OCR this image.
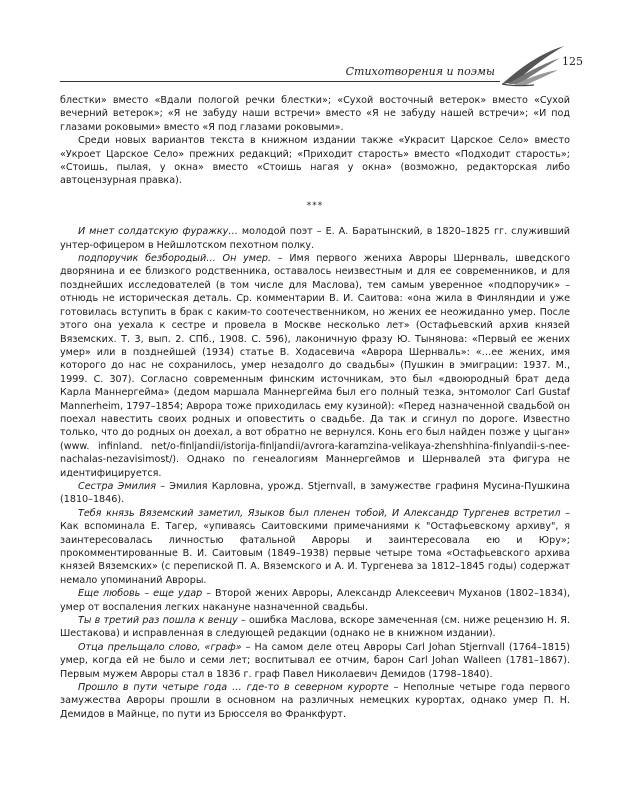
Стихотворения и поэмы
125

блестки» вместо «Вдали пологой речки блестки»; «Сухой восточный ветерок» вместо «Сухой вечерний ветерок»; «Я не забуду наши встречи» вместо «Я не забуду нашей встречи»; «И под глазами роковыми» вместо «Я под глазами роковыми».

Среди новых вариантов текста в книжном издании также «Украсит Царское Село» вместо «Укроет Царское Село» прежних редакций; «Приходит старость» вместо «Подходит старость»; «Стоишь, пылая, у окна» вместо «Стоишь нагая у окна» (возможно, редакторская либо автоцензурная правка).

***

И мнет солдатскую фуражку… молодой поэт – Е. А. Баратынский, в 1820–1825 гг. служивший унтер-офицером в Нейшлотском пехотном полку.

подпоручик безбородый… Он умер. – Имя первого жениха Авроры Шернваль, шведского дворянина и ее близкого родственника, оставалось неизвестным и для ее современников, и для позднейших исследователей (в том числе для Маслова), тем самым уверенное «подпоручик» – отнюдь не историческая деталь. Ср. комментарии В. И. Саитова: «она жила в Финляндии и уже готовилась вступить в брак с каким-то соотечественником, но жених ее неожиданно умер. После этого она уехала к сестре и провела в Москве несколько лет» (Остафьевский архив князей Вяземских. Т. 3, вып. 2. СПб., 1908. С. 596), лаконичную фразу Ю. Тынянова: «Первый ее жених умер» или в позднейшей (1934) статье В. Ходасевича «Аврора Шернваль»: «…ее жених, имя которого до нас не сохранилось, умер незадолго до свадьбы» (Пушкин в эмиграции: 1937. М., 1999. С. 307). Согласно современным финским источникам, это был «двоюродный брат деда Карла Маннергейма» (дедом маршала Маннергейма был его полный тезка, энтомолог Carl Gustaf Mannerheim, 1797–1854; Аврора тоже приходилась ему кузиной): «Перед назначенной свадьбой он поехал навестить своих родных и оповестить о свадьбе. Да так и сгинул по дороге. Известно только, что до родных он доехал, а вот обратно не вернулся. Конь его был найден позже у цыган» (www. infinland. net/o-finljandii/istorija-finljandii/avrora-karamzina-velikaya-zhenshhina-finlyandii-s-nee-nachalas-nezavisimost/). Однако по генеалогиям Маннергеймов и Шернвалей эта фигура не идентифицируется.

Сестра Эмилия – Эмилия Карловна, урожд. Stjernvall, в замужестве графиня Мусина-Пушкина (1810–1846).

Тебя князь Вяземский заметил, Языков был пленен тобой, И Александр Тургенев встретил – Как вспоминала Е. Тагер, «упиваясь Саитовскими примечаниями к "Остафьевскому архиву", я заинтересовалась личностью фатальной Авроры и заинтересовала ею и Юру»; прокомментированные В. И. Саитовым (1849–1938) первые четыре тома «Остафьевского архива князей Вяземских» (с перепиской П. А. Вяземского и А. И. Тургенева за 1812–1845 годы) содержат немало упоминаний Авроры.

Еще любовь – еще удар – Второй жених Авроры, Александр Алексеевич Муханов (1802–1834), умер от воспаления легких накануне назначенной свадьбы.

Ты в третий раз пошла к венцу – ошибка Маслова, вскоре замеченная (см. ниже рецензию Н. Я. Шестакова) и исправленная в следующей редакции (однако не в книжном издании).

Отца прельщало слово, «граф» – На самом деле отец Авроры Carl Johan Stjernvall (1764–1815) умер, когда ей не было и семи лет; воспитывал ее отчим, барон Carl Johan Walleen (1781–1867). Первым мужем Авроры стал в 1836 г. граф Павел Николаевич Демидов (1798–1840).

Прошло в пути четыре года … где-то в северном курорте – Неполные четыре года первого замужества Авроры прошли в основном на различных немецких курортах, однако умер П. Н. Демидов в Майнце, по пути из Брюсселя во Франкфурт.
